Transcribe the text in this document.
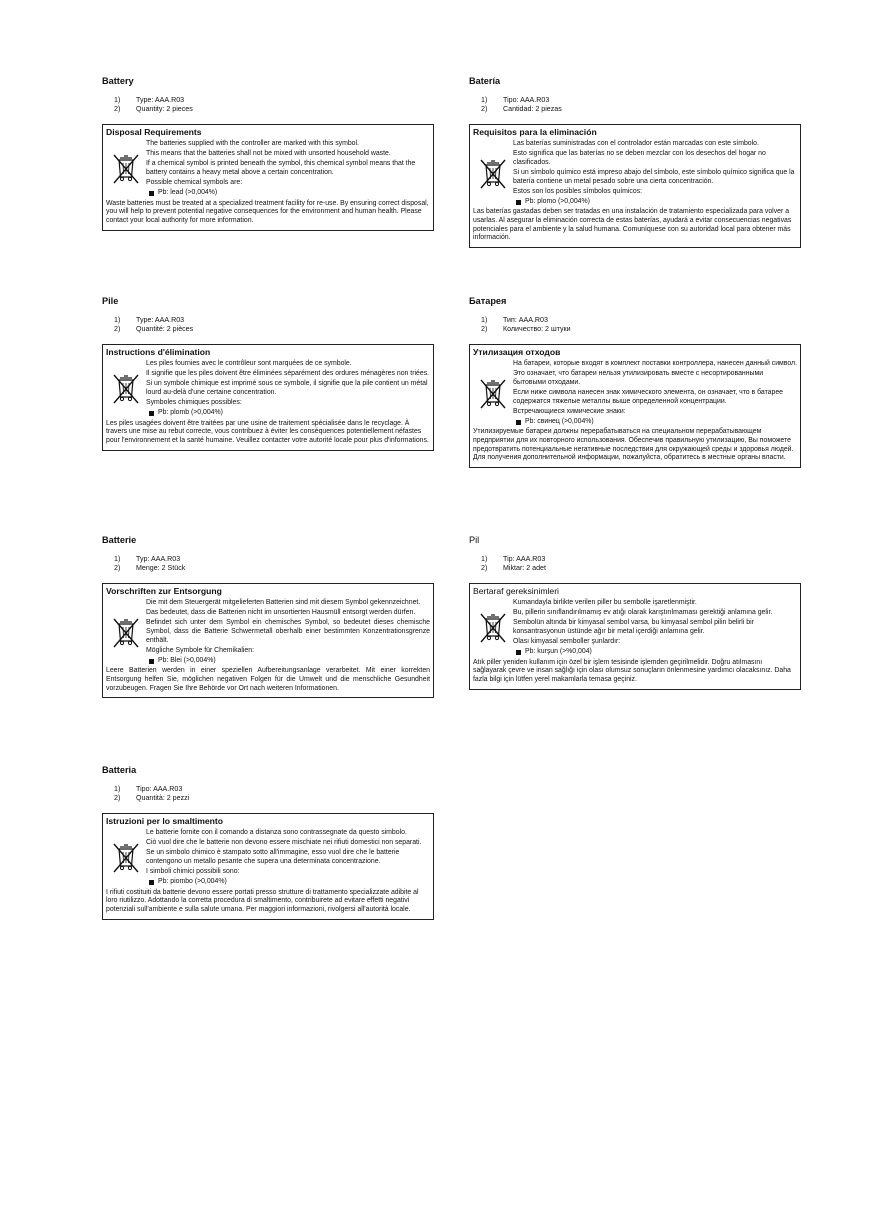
Battery
1)	Type: AAA.R03
2)	Quantity: 2 pieces
Disposal Requirements
The batteries supplied with the controller are marked with this symbol.
This means that the batteries shall not be mixed with unsorted household waste.
If a chemical symbol is printed beneath the symbol, this chemical symbol means that the battery contains a heavy metal above a certain concentration.
Possible chemical symbols are:
Pb: lead (>0,004%)
Waste batteries must be treated at a specialized treatment facility for re-use. By ensuring correct disposal, you will help to prevent potential negative consequences for the environment and human health. Please contact your local authority for more information.
Batería
1)	Tipo: AAA.R03
2)	Cantidad: 2 piezas
Requisitos para la eliminación
Las baterías suministradas con el controlador están marcadas con este símbolo.
Esto significa que las baterías no se deben mezclar con los desechos del hogar no clasificados.
Si un símbolo químico está impreso abajo del símbolo, este símbolo químico significa que la batería contiene un metal pesado sobre una cierta concentración.
Estos son los posibles símbolos químicos:
Pb: plomo (>0,004%)
Las baterías gastadas deben ser tratadas en una instalación de tratamiento especializada para volver a usarlas. Al asegurar la eliminación correcta de estas baterías, ayudará a evitar consecuencias negativas potenciales para el ambiente y la salud humana. Comuníquese con su autoridad local para obtener más información.
Pile
1)	Type: AAA.R03
2)	Quantité: 2 pièces
Instructions d'élimination
Les piles fournies avec le contrôleur sont marquées de ce symbole.
Il signifie que les piles doivent être éliminées séparément des ordures ménagères non triées.
Si un symbole chimique est imprimé sous ce symbole, il signifie que la pile contient un métal lourd au-delà d'une certaine concentration.
Symboles chimiques possibles:
Pb: plomb (>0,004%)
Les piles usagées doivent être traitées par une usine de traitement spécialisée dans le recyclage. À travers une mise au rebut correcte, vous contribuez à éviter les conséquences potentiellement néfastes pour l'environnement et la santé humaine. Veuillez contacter votre autorité locale pour plus d'informations.
Батарея
1)	Тип: AAA.R03
2)	Количество: 2 штуки
Утилизация отходов
На батареи, которые входят в комплект поставки контроллера, нанесен данный символ.
Это означает, что батареи нельзя утилизировать вместе с несортированными бытовыми отходами.
Если ниже символа нанесен знак химического элемента, он означает, что в батарее содержатся тяжелые металлы выше определенной концентрации.
Встречающиеся химические знаки:
Pb: свинец (>0,004%)
Утилизируемые батареи должны перерабатываться на специальном перерабатывающем предприятии для их повторного использования. Обеспечив правильную утилизацию, Вы поможете предотвратить потенциальные негативные последствия для окружающей среды и здоровья людей. Для получения дополнительной информации, пожалуйста, обратитесь в местные органы власти.
Batterie
1)	Typ: AAA.R03
2)	Menge: 2 Stück
Vorschriften zur Entsorgung
Die mit dem Steuergerät mitgelieferten Batterien sind mit diesem Symbol gekennzeichnet.
Das bedeutet, dass die Batterien nicht im unsortierten Hausmüll entsorgt werden dürfen.
Befindet sich unter dem Symbol ein chemisches Symbol, so bedeutet dieses chemische Symbol, dass die Batterie Schwermetall oberhalb einer bestimmten Konzentrationsgrenze enthält.
Mögliche Symbole für Chemikalien:
Pb: Blei (>0,004%)
Leere Batterien werden in einer speziellen Aufbereitungsanlage verarbeitet. Mit einer korrekten Entsorgung helfen Sie, möglichen negativen Folgen für die Umwelt und die menschliche Gesundheit vorzubeugen. Fragen Sie Ihre Behörde vor Ort nach weiteren Informationen.
Pil
1)	Tip: AAA.R03
2)	Miktar: 2 adet
Bertaraf gereksinimleri
Kumandayla birlikte verilen piller bu sembolle işaretlenmiştir.
Bu, pillerin sınıflandırılmamış ev atığı olarak karıştırılmaması gerektiği anlamına gelir.
Sembolün altında bir kimyasal sembol varsa, bu kimyasal sembol pilin belirli bir konsantrasyonun üstünde ağır bir metal içerdiği anlamına gelir.
Olası kimyasal semboller şunlardır:
Pb: kurşun (>%0,004)
Atık piller yeniden kullanım için özel bir işlem tesisinde işlemden geçirilmelidir. Doğru atılmasını sağlayarak çevre ve insan sağlığı için olası olumsuz sonuçların önlenmesine yardımcı olacaksınız. Daha fazla bilgi için lütfen yerel makamlarla temasa geçiniz.
Batteria
1)	Tipo: AAA.R03
2)	Quantità: 2 pezzi
Istruzioni per lo smaltimento
Le batterie fornite con il comando a distanza sono contrassegnate da questo simbolo.
Ciò vuol dire che le batterie non devono essere mischiate nei rifiuti domestici non separati.
Se un simbolo chimico è stampato sotto all'immagine, esso vuol dire che le batterie contengono un metallo pesante che supera una determinata concentrazione.
I simboli chimici possibili sono:
Pb: piombo (>0,004%)
I rifiuti costituiti da batterie devono essere portati presso strutture di trattamento specializzate adibite al loro riutilizzo. Adottando la corretta procedura di smaltimento, contribuirete ad evitare effetti negativi potenziali sull'ambiente e sulla salute umana. Per maggiori informazioni, rivolgersi all'autorità locale.
